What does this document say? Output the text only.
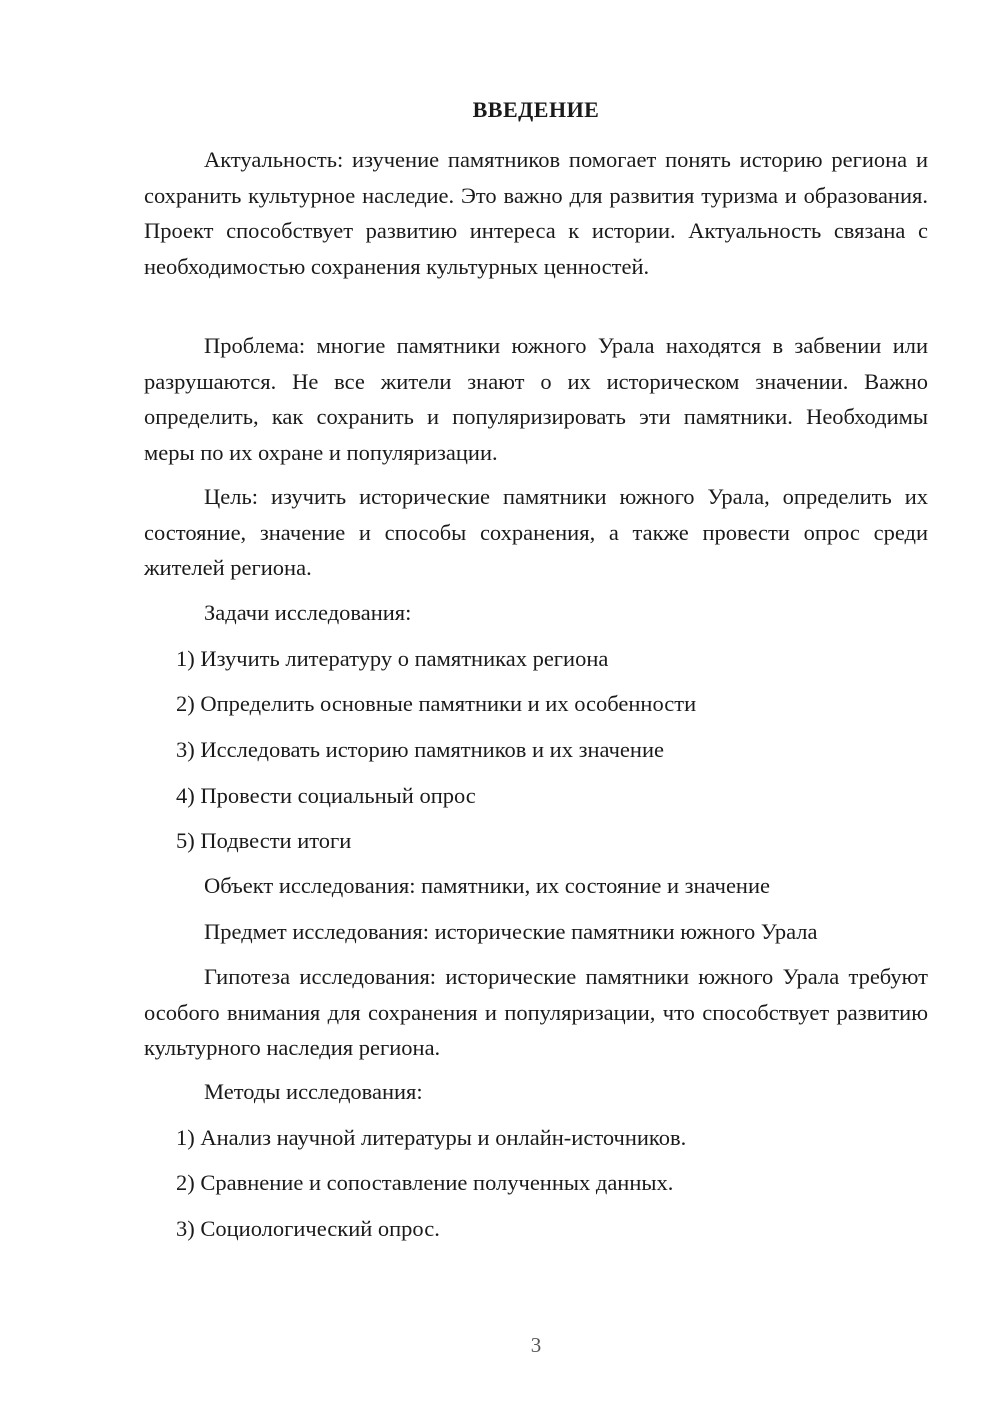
ВВЕДЕНИЕ

Актуальность: изучение памятников помогает понять историю региона и сохранить культурное наследие. Это важно для развития туризма и образования. Проект способствует развитию интереса к истории. Актуальность связана с необходимостью сохранения культурных ценностей.

Проблема: многие памятники южного Урала находятся в забвении или разрушаются. Не все жители знают о их историческом значении. Важно определить, как сохранить и популяризировать эти памятники. Необходимы меры по их охране и популяризации.

Цель: изучить исторические памятники южного Урала, определить их состояние, значение и способы сохранения, а также провести опрос среди жителей региона.

Задачи исследования:
1) Изучить литературу о памятниках региона
2) Определить основные памятники и их особенности
3) Исследовать историю памятников и их значение
4) Провести социальный опрос
5) Подвести итоги
Объект исследования: памятники, их состояние и значение
Предмет исследования: исторические памятники южного Урала

Гипотеза исследования: исторические памятники южного Урала требуют особого внимания для сохранения и популяризации, что способствует развитию культурного наследия региона.

Методы исследования:
1) Анализ научной литературы и онлайн-источников.
2) Сравнение и сопоставление полученных данных.
3) Социологический опрос.
3
